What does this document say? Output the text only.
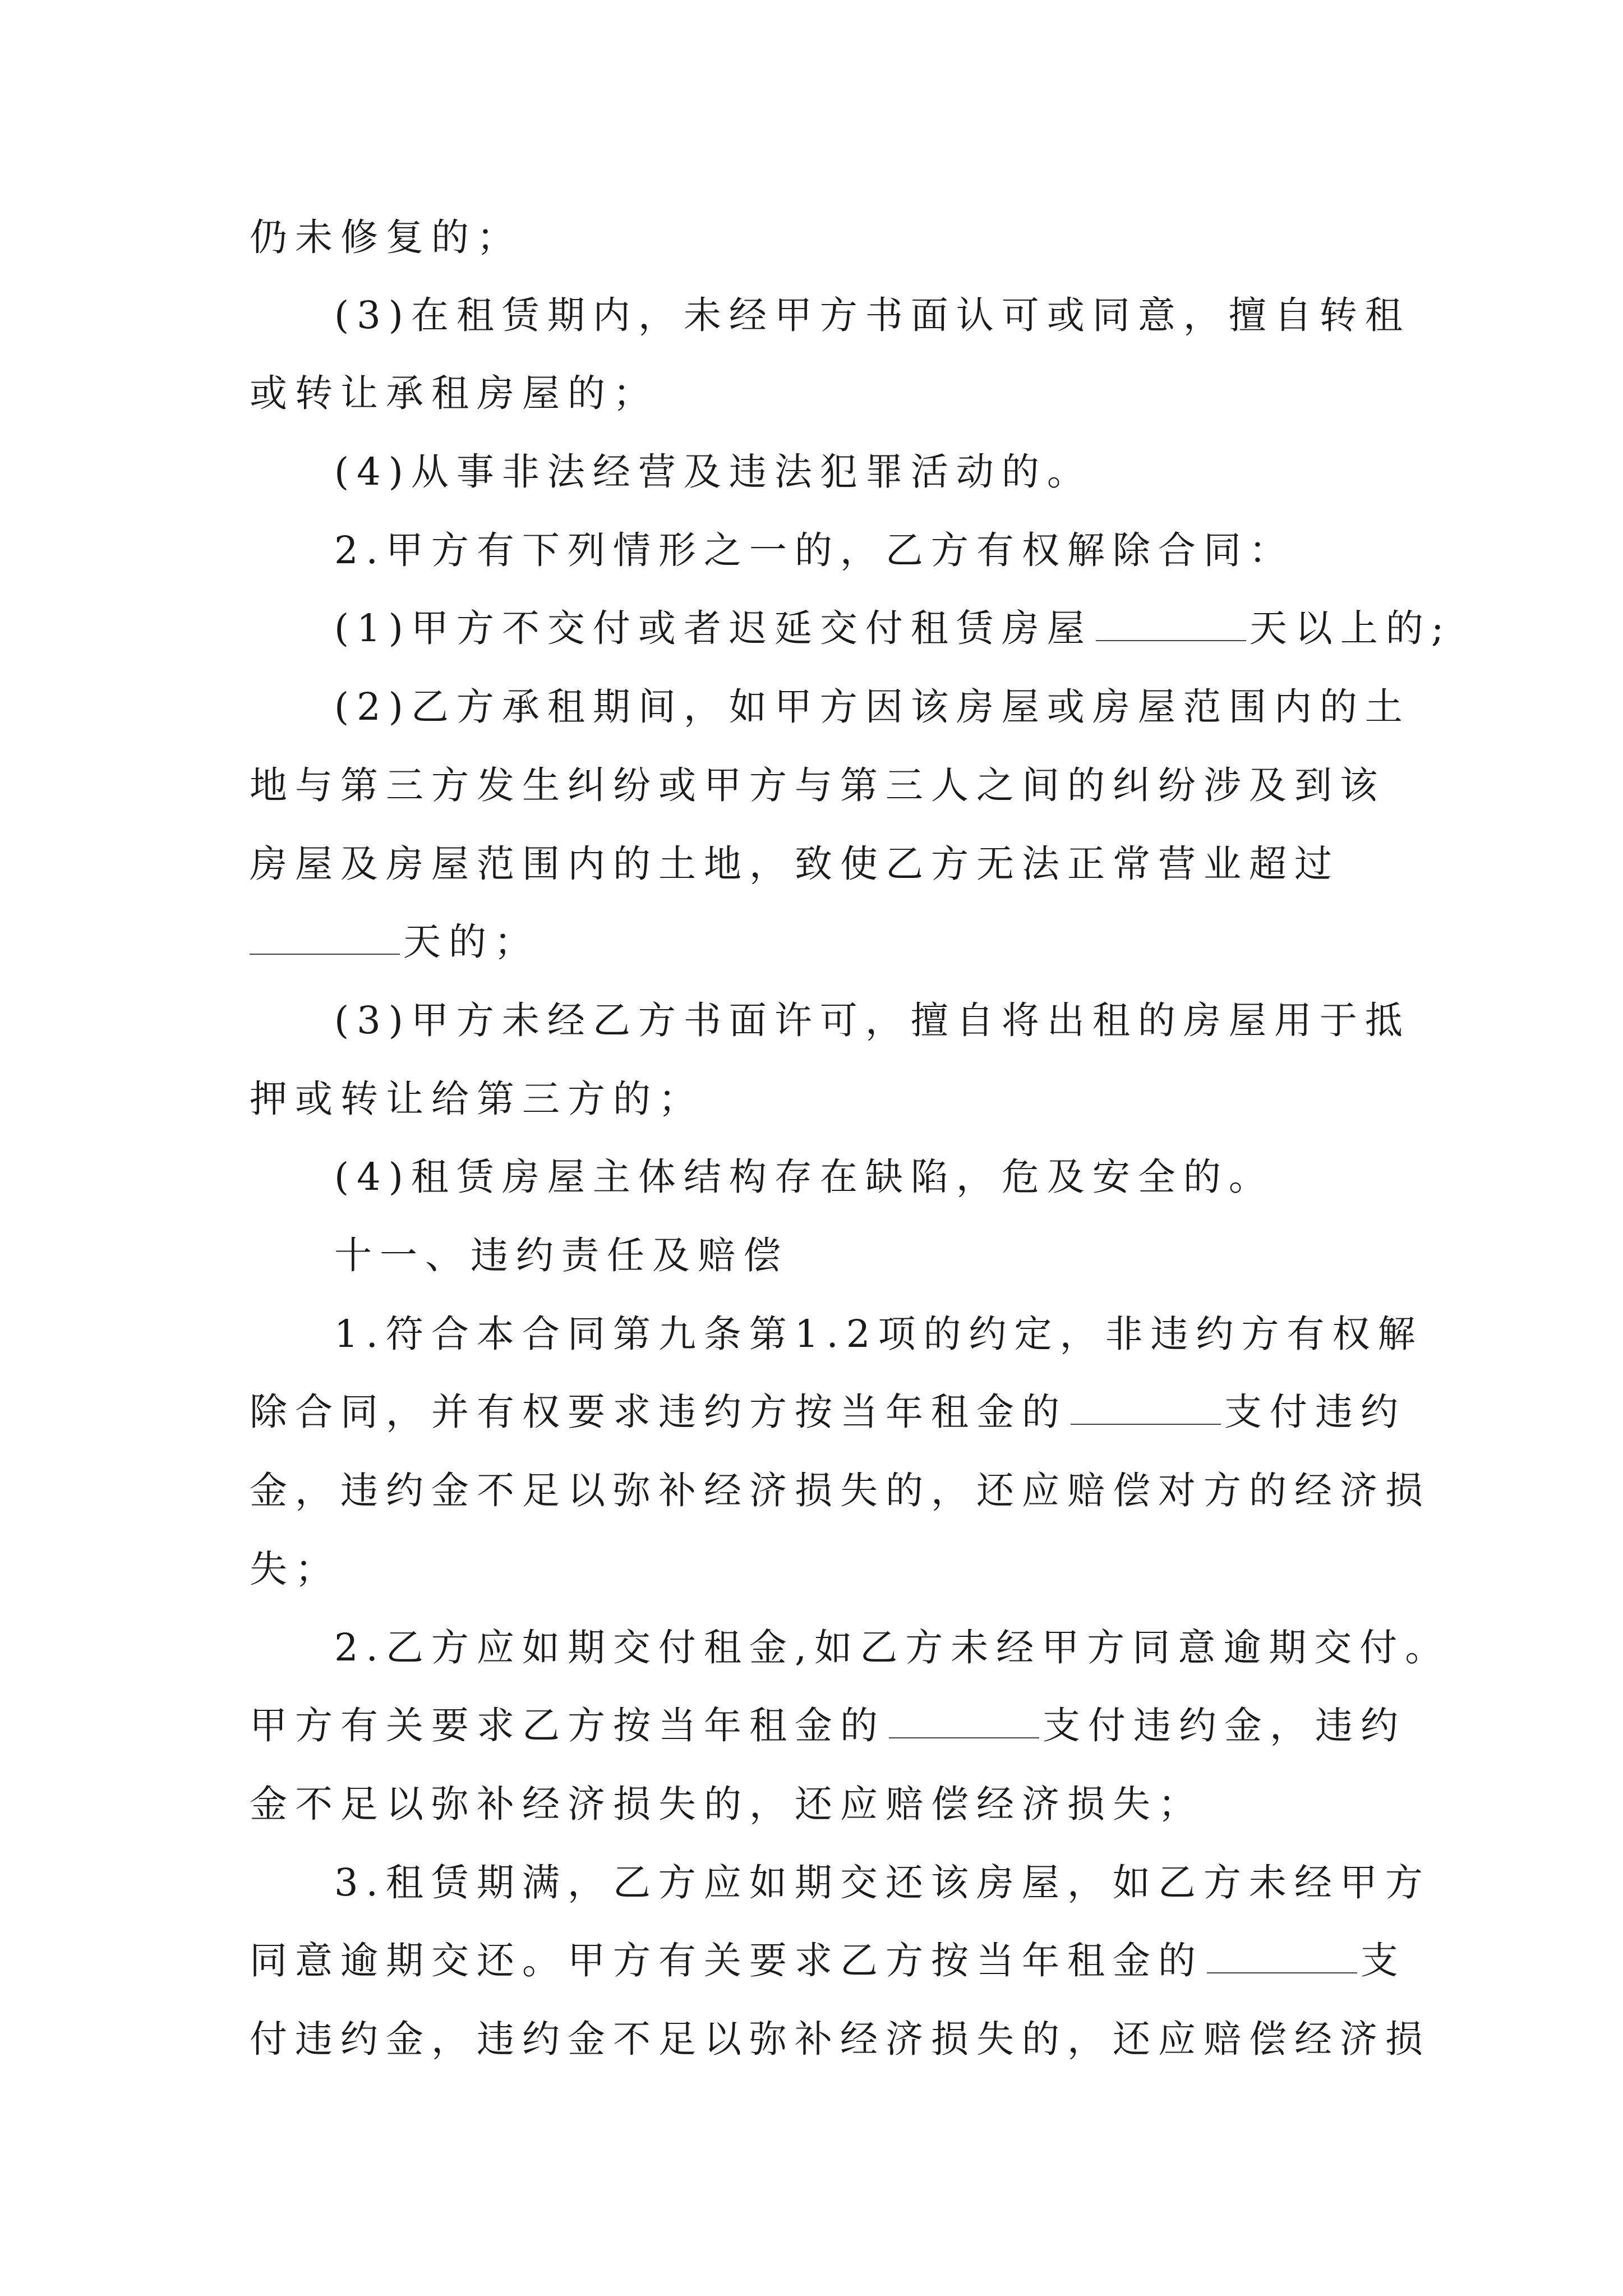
仍未修复的；
(3)在租赁期内，未经甲方书面认可或同意，擅自转租
或转让承租房屋的；
(4)从事非法经营及违法犯罪活动的。
2.甲方有下列情形之一的，乙方有权解除合同：
(1)甲方不交付或者迟延交付租赁房屋	天以上的;
(2)乙方承租期间，如甲方因该房屋或房屋范围内的土
地与第三方发生纠纷或甲方与第三人之间的纠纷涉及到该
房屋及房屋范围内的土地，致使乙方无法正常营业超过
天的；
(3)甲方未经乙方书面许可，擅自将出租的房屋用于抵
押或转让给第三方的；
(4)租赁房屋主体结构存在缺陷，危及安全的。
十一、违约责任及赔偿
1.符合本合同第九条第1.2项的约定，非违约方有权解
除合同，并有权要求违约方按当年租金的	支付违约
金，违约金不足以弥补经济损失的，还应赔偿对方的经济损
失；
2.乙方应如期交付租金,如乙方未经甲方同意逾期交付。
甲方有关要求乙方按当年租金的	支付违约金，违约
金不足以弥补经济损失的，还应赔偿经济损失；
3.租赁期满，乙方应如期交还该房屋，如乙方未经甲方
同意逾期交还。甲方有关要求乙方按当年租金的	支
付违约金，违约金不足以弥补经济损失的，还应赔偿经济损
